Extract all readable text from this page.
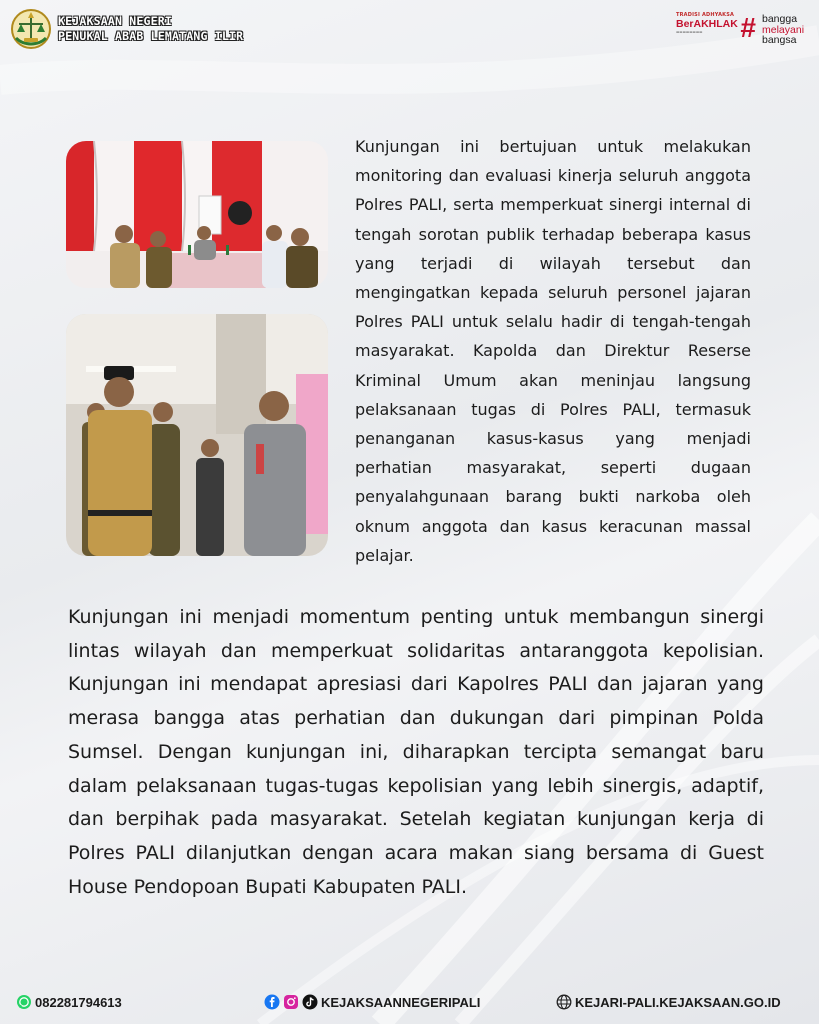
KEJAKSAAN NEGERI
PENUKAL ABAB LEMATANG ILIR
TRADISI ADHYAKSA
BerAKHLAK
▬▬▬▬▬▬▬▬	# bangga
melayani
bangsa

Kunjungan ini bertujuan untuk melakukan monitoring dan evaluasi kinerja seluruh anggota Polres PALI, serta memperkuat sinergi internal di tengah sorotan publik terhadap beberapa kasus yang terjadi di wilayah tersebut dan mengingatkan kepada seluruh personel jajaran Polres PALI untuk selalu hadir di tengah-tengah masyarakat. Kapolda dan Direktur Reserse Kriminal Umum akan meninjau langsung pelaksanaan tugas di Polres PALI, termasuk penanganan kasus-kasus yang menjadi perhatian masyarakat, seperti dugaan penyalahgunaan barang bukti narkoba oleh oknum anggota dan kasus keracunan massal pelajar.

Kunjungan ini menjadi momentum penting untuk membangun sinergi lintas wilayah dan memperkuat solidaritas antaranggota kepolisian. Kunjungan ini mendapat apresiasi dari Kapolres PALI dan jajaran yang merasa bangga atas perhatian dan dukungan dari pimpinan Polda Sumsel. Dengan kunjungan ini, diharapkan tercipta semangat baru dalam pelaksanaan tugas-tugas kepolisian yang lebih sinergis, adaptif, dan berpihak pada masyarakat. Setelah kegiatan kunjungan kerja di Polres PALI dilanjutkan dengan acara makan siang bersama di Guest House Pendopoan Bupati Kabupaten PALI.

082281794613	KEJAKSAANNEGERIPALI	KEJARI-PALI.KEJAKSAAN.GO.ID
